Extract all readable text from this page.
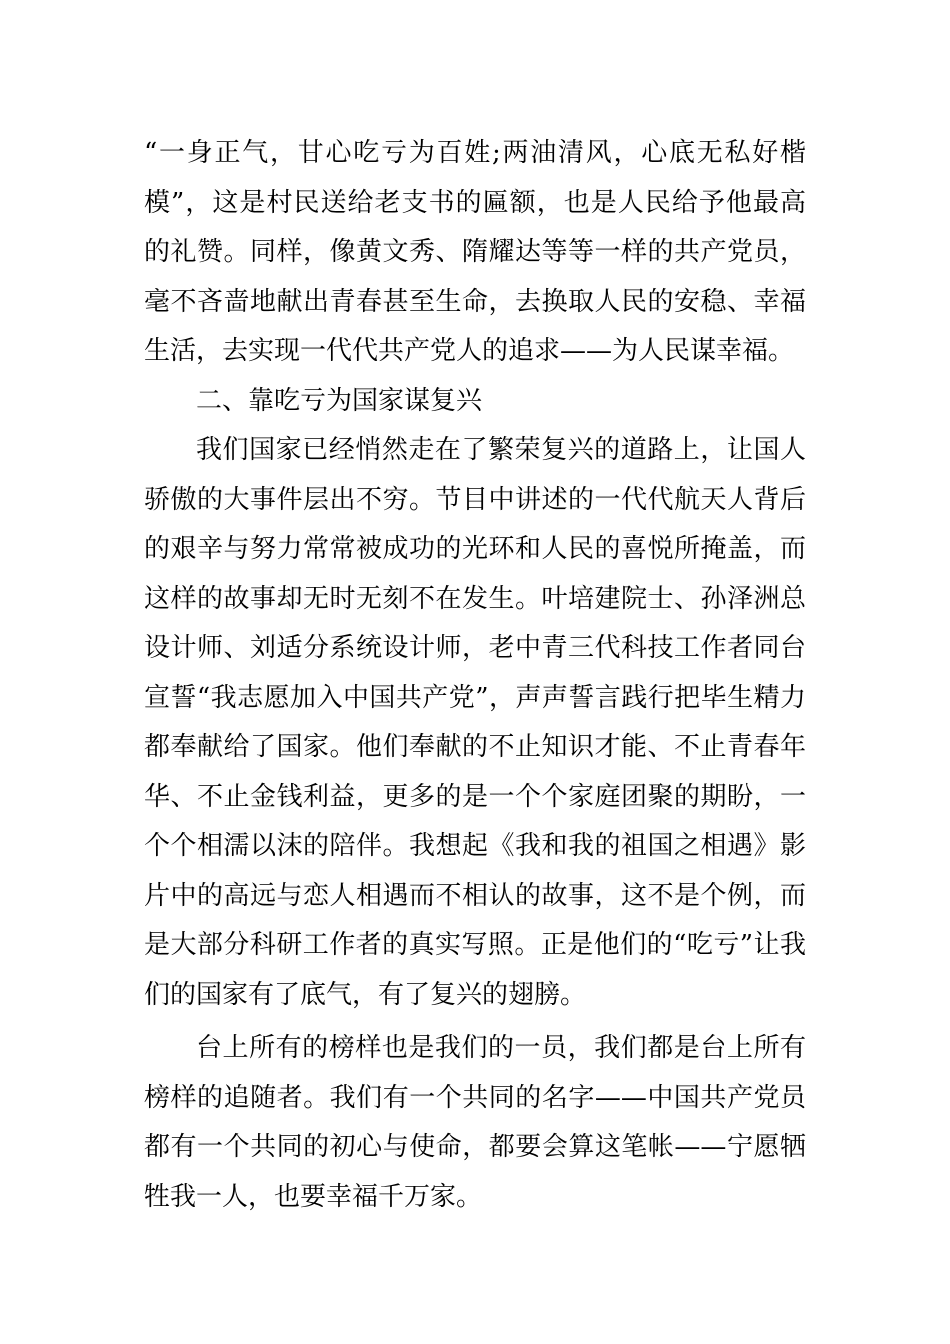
“一身正气，甘心吃亏为百姓;两油清风，心底无私好楷模”，这是村民送给老支书的匾额，也是人民给予他最高的礼赞。同样，像黄文秀、隋耀达等等一样的共产党员，毫不吝啬地献出青春甚至生命，去换取人民的安稳、幸福生活，去实现一代代共产党人的追求——为人民谋幸福。

二、靠吃亏为国家谋复兴

我们国家已经悄然走在了繁荣复兴的道路上，让国人骄傲的大事件层出不穷。节目中讲述的一代代航天人背后的艰辛与努力常常被成功的光环和人民的喜悦所掩盖，而这样的故事却无时无刻不在发生。叶培建院士、孙泽洲总设计师、刘适分系统设计师，老中青三代科技工作者同台宣誓“我志愿加入中国共产党”，声声誓言践行把毕生精力都奉献给了国家。他们奉献的不止知识才能、不止青春年华、不止金钱利益，更多的是一个个家庭团聚的期盼，一个个相濡以沫的陪伴。我想起《我和我的祖国之相遇》影片中的高远与恋人相遇而不相认的故事，这不是个例，而是大部分科研工作者的真实写照。正是他们的“吃亏”让我们的国家有了底气，有了复兴的翅膀。

台上所有的榜样也是我们的一员，我们都是台上所有榜样的追随者。我们有一个共同的名字——中国共产党员都有一个共同的初心与使命，都要会算这笔帐——宁愿牺牲我一人，也要幸福千万家。
